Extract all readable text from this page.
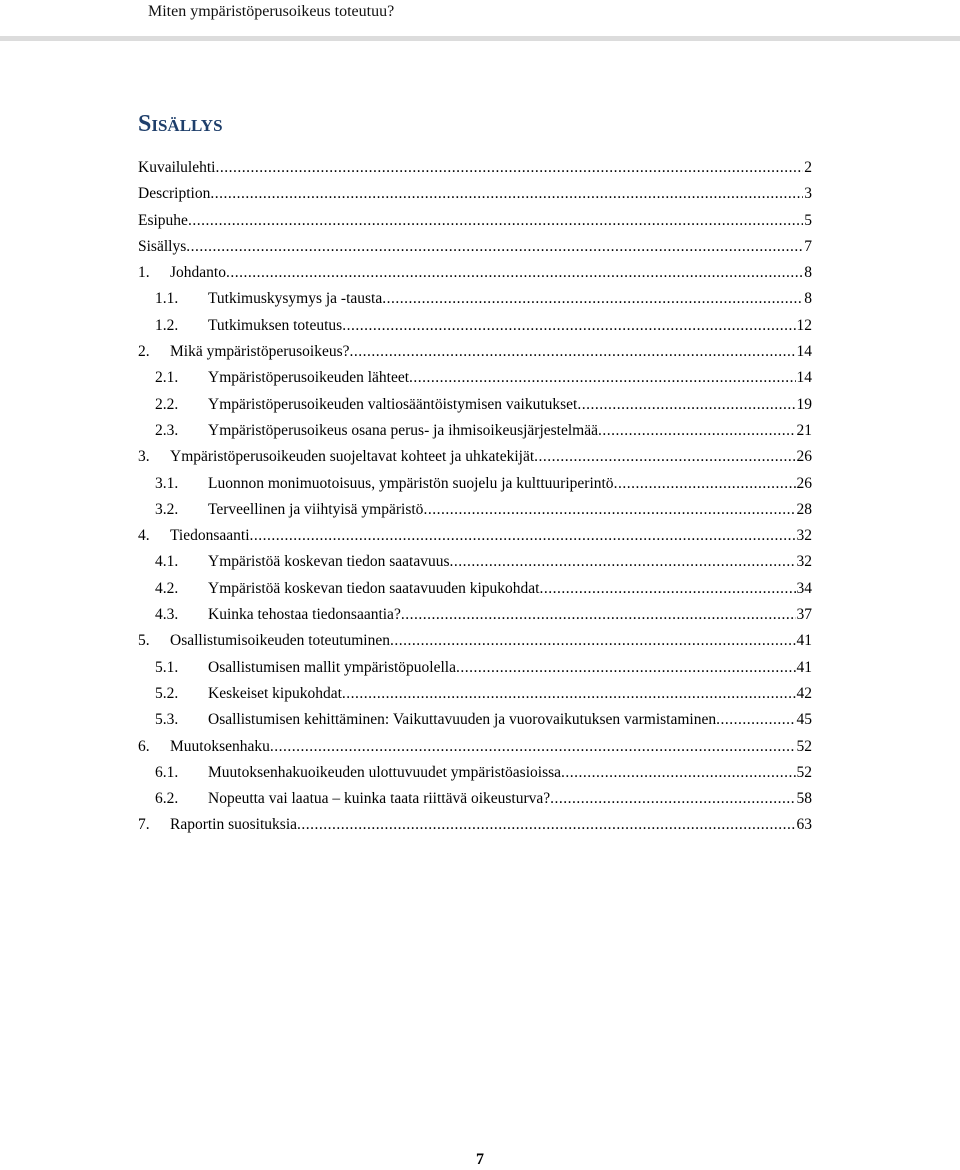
Miten ympäristöperusoikeus toteutuu?
Sisällys
Kuvailulehti .....	2
Description .....	3
Esipuhe .....	5
Sisällys .....	7
1.	Johdanto .....	8
1.1.	Tutkimuskysymys ja -tausta .....	8
1.2.	Tutkimuksen toteutus .....	12
2.	Mikä ympäristöperusoikeus? .....	14
2.1.	Ympäristöperusoikeuden lähteet .....	14
2.2.	Ympäristöperusoikeuden valtiosääntöistymisen vaikutukset .....	19
2.3.	Ympäristöperusoikeus osana perus- ja ihmisoikeusjärjestelmää .....	21
3.	Ympäristöperusoikeuden suojeltavat kohteet ja uhkatekijät .....	26
3.1.	Luonnon monimuotoisuus, ympäristön suojelu ja kulttuuriperintö .....	26
3.2.	Terveellinen ja viihtyisä ympäristö .....	28
4.	Tiedonsaanti .....	32
4.1.	Ympäristöä koskevan tiedon saatavuus .....	32
4.2.	Ympäristöä koskevan tiedon saatavuuden kipukohdat .....	34
4.3.	Kuinka tehostaa tiedonsaantia? .....	37
5.	Osallistumisoikeuden toteutuminen .....	41
5.1.	Osallistumisen mallit ympäristöpuolella .....	41
5.2.	Keskeiset kipukohdat .....	42
5.3.	Osallistumisen kehittäminen: Vaikuttavuuden ja vuorovaikutuksen varmistaminen .....	45
6.	Muutoksenhaku .....	52
6.1.	Muutoksenhakuoikeuden ulottuvuudet ympäristöasioissa .....	52
6.2.	Nopeutta vai laatua – kuinka taata riittävä oikeusturva? .....	58
7.	Raportin suosituksia .....	63
7
